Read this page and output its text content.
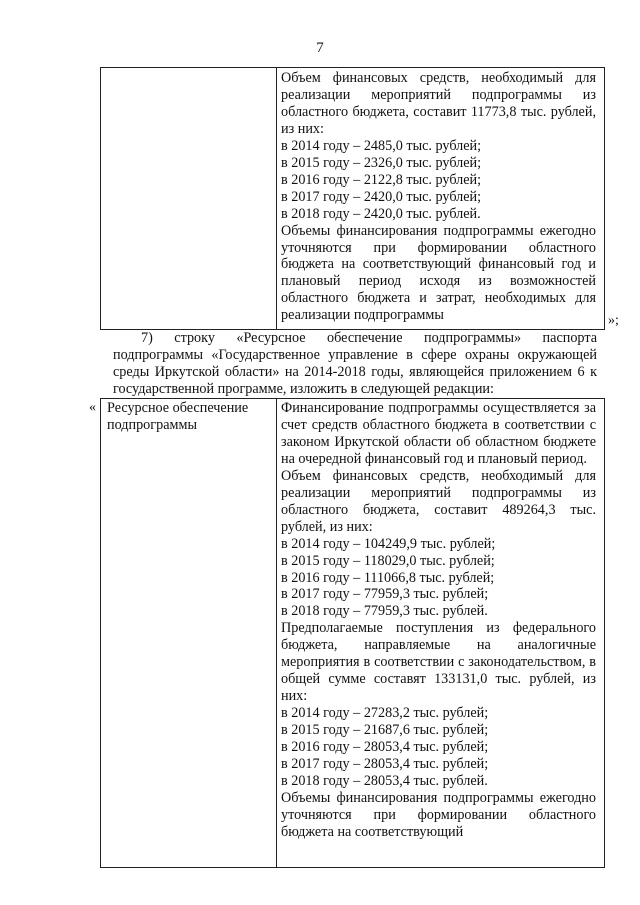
7

Объем финансовых средств, необходимый для реализации мероприятий подпрограммы из областного бюджета, составит 11773,8 тыс. рублей, из них:

в 2014 году – 2485,0 тыс. рублей;

в 2015 году – 2326,0 тыс. рублей;

в 2016 году – 2122,8 тыс. рублей;

в 2017 году – 2420,0 тыс. рублей;

в 2018 году – 2420,0 тыс. рублей.

Объемы финансирования подпрограммы ежегодно уточняются при формировании областного бюджета на соответствующий финансовый год и плановый период исходя из возможностей областного бюджета и затрат, необходимых для реализации подпрограммы	»;
7) строку «Ресурсное обеспечение подпрограммы» паспорта подпрограммы «Государственное управление в сфере охраны окружающей среды Иркутской области» на 2014-2018 годы, являющейся приложением 6 к государственной программе, изложить в следующей редакции:
« Ресурсное обеспечение подпрограммы

Финансирование подпрограммы осуществляется за счет средств областного бюджета в соответствии с законом Иркутской области об областном бюджете на очередной финансовый год и плановый период.

Объем финансовых средств, необходимый для реализации мероприятий подпрограммы из областного бюджета, составит 489264,3 тыс. рублей, из них:

в 2014 году – 104249,9 тыс. рублей;

в 2015 году – 118029,0 тыс. рублей;

в 2016 году – 111066,8 тыс. рублей;

в 2017 году – 77959,3 тыс. рублей;

в 2018 году – 77959,3 тыс. рублей.

Предполагаемые поступления из федерального бюджета, направляемые на аналогичные мероприятия в соответствии с законодательством, в общей сумме составят 133131,0 тыс. рублей, из них:

в 2014 году – 27283,2 тыс. рублей;

в 2015 году – 21687,6 тыс. рублей;

в 2016 году – 28053,4 тыс. рублей;

в 2017 году – 28053,4 тыс. рублей;

в 2018 году – 28053,4 тыс. рублей.

Объемы финансирования подпрограммы ежегодно уточняются при формировании областного бюджета на соответствующий
